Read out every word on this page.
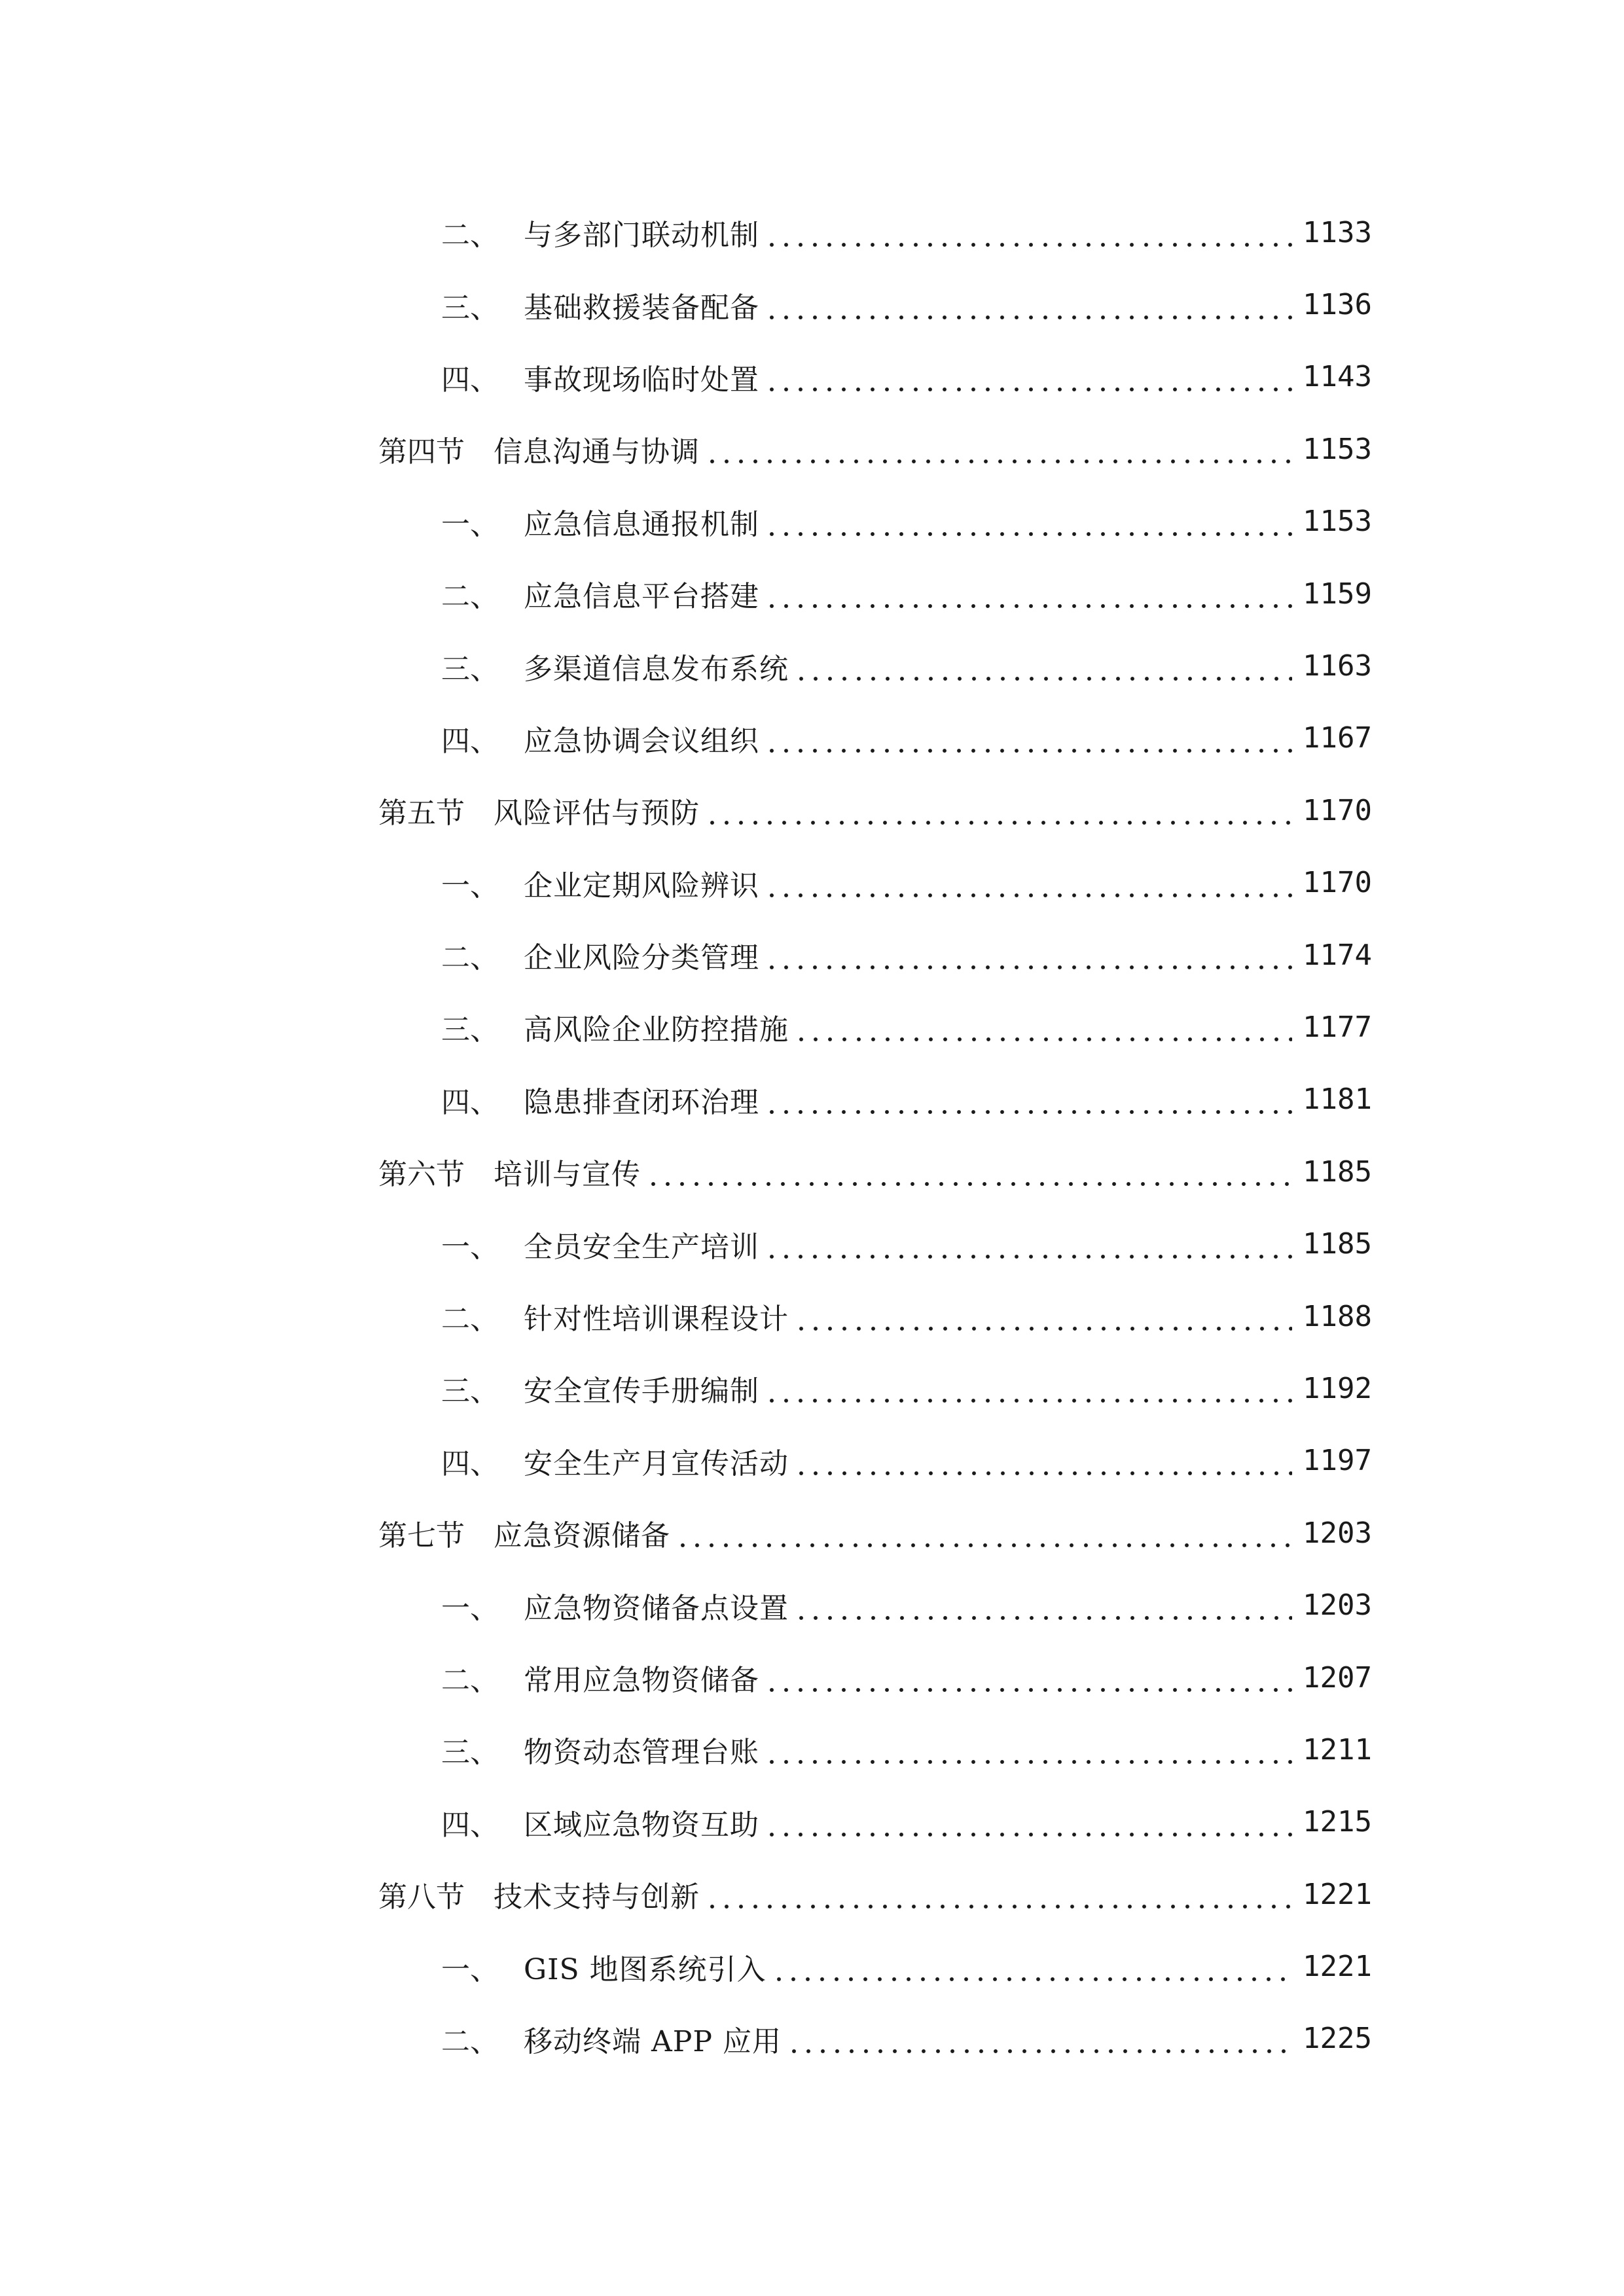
二、 与多部门联动机制	1133
三、 基础救援装备配备	1136
四、 事故现场临时处置	1143
第四节	信息沟通与协调	1153
一、 应急信息通报机制	1153
二、 应急信息平台搭建	1159
三、 多渠道信息发布系统	1163
四、 应急协调会议组织	1167
第五节	风险评估与预防	1170
一、 企业定期风险辨识	1170
二、 企业风险分类管理	1174
三、 高风险企业防控措施	1177
四、 隐患排查闭环治理	1181
第六节	培训与宣传	1185
一、 全员安全生产培训	1185
二、 针对性培训课程设计	1188
三、 安全宣传手册编制	1192
四、 安全生产月宣传活动	1197
第七节	应急资源储备	1203
一、 应急物资储备点设置	1203
二、 常用应急物资储备	1207
三、 物资动态管理台账	1211
四、 区域应急物资互助	1215
第八节	技术支持与创新	1221
一、 GIS 地图系统引入	1221
二、 移动终端 APP 应用	1225
